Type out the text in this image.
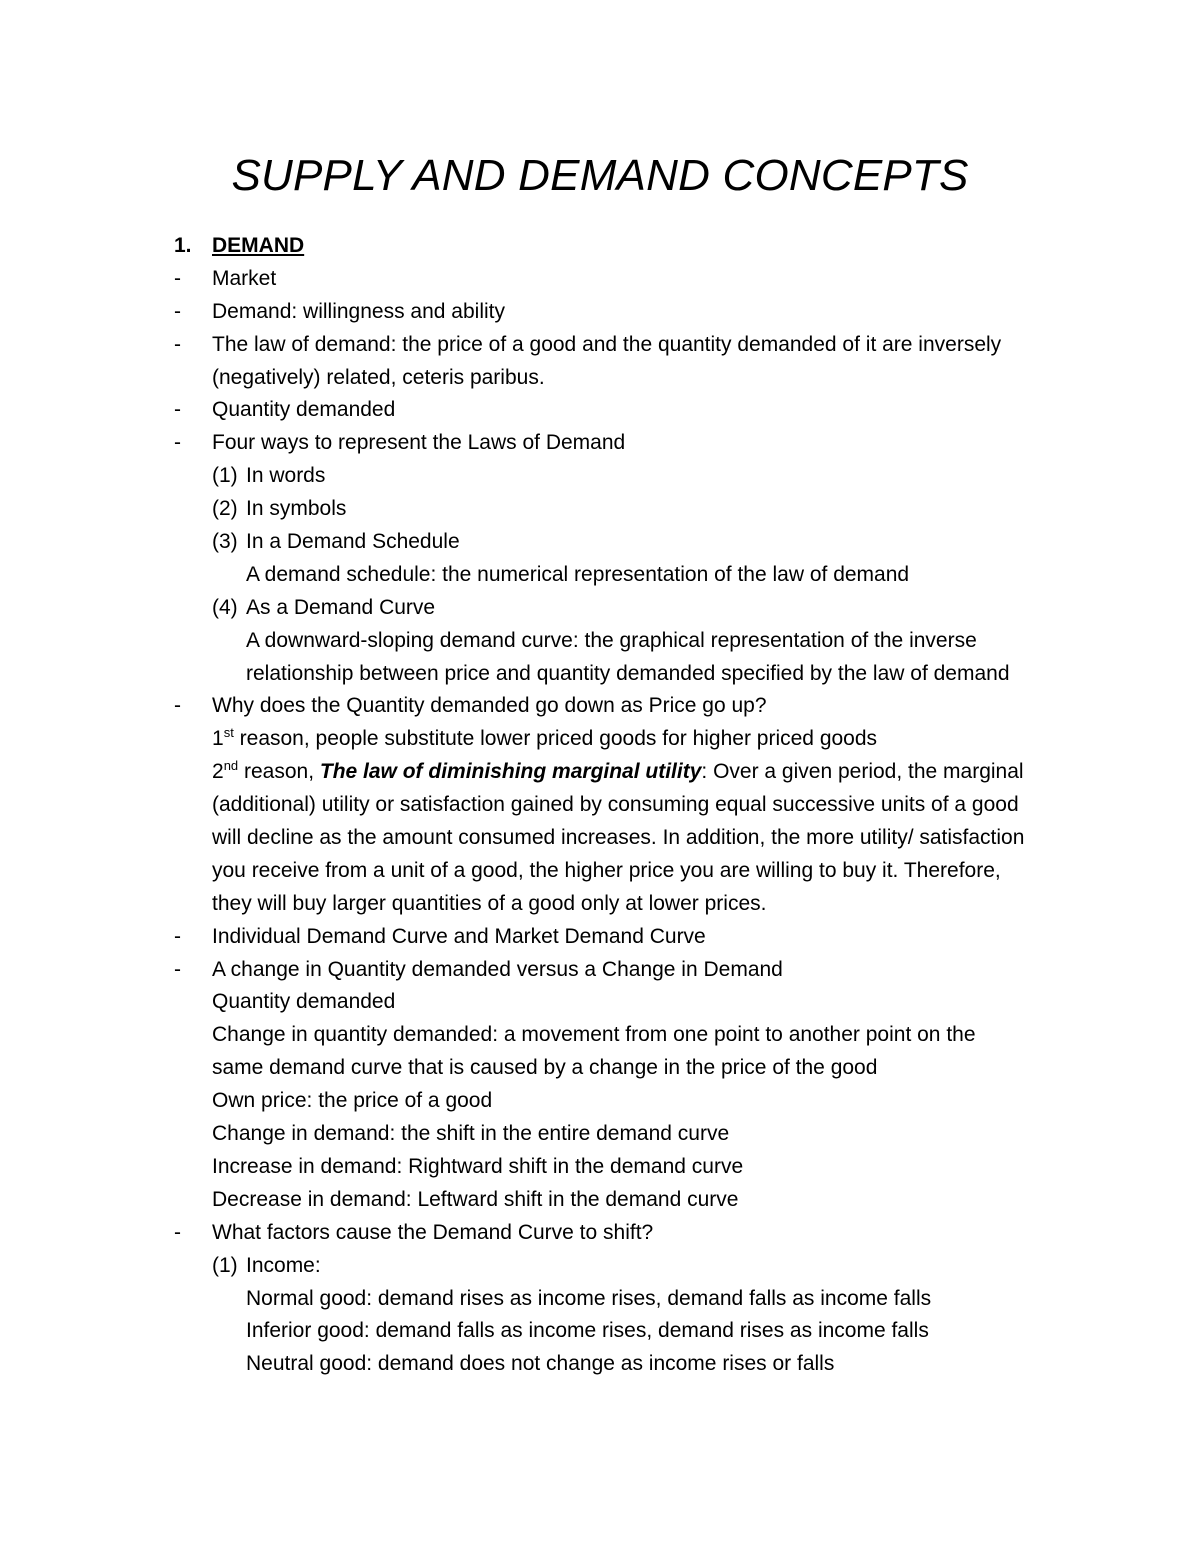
SUPPLY AND DEMAND CONCEPTS
1. DEMAND
- Market
- Demand: willingness and ability
- The law of demand: the price of a good and the quantity demanded of it are inversely
(negatively) related, ceteris paribus.
- Quantity demanded
- Four ways to represent the Laws of Demand
(1) In words
(2) In symbols
(3) In a Demand Schedule
A demand schedule: the numerical representation of the law of demand
(4) As a Demand Curve
A downward-sloping demand curve: the graphical representation of the inverse
relationship between price and quantity demanded specified by the law of demand
- Why does the Quantity demanded go down as Price go up?
1st reason, people substitute lower priced goods for higher priced goods
2nd reason, The law of diminishing marginal utility: Over a given period, the marginal
(additional) utility or satisfaction gained by consuming equal successive units of a good
will decline as the amount consumed increases. In addition, the more utility/ satisfaction
you receive from a unit of a good, the higher price you are willing to buy it. Therefore,
they will buy larger quantities of a good only at lower prices.
- Individual Demand Curve and Market Demand Curve
- A change in Quantity demanded versus a Change in Demand
Quantity demanded
Change in quantity demanded: a movement from one point to another point on the
same demand curve that is caused by a change in the price of the good
Own price: the price of a good
Change in demand: the shift in the entire demand curve
Increase in demand: Rightward shift in the demand curve
Decrease in demand: Leftward shift in the demand curve
- What factors cause the Demand Curve to shift?
(1) Income:
Normal good: demand rises as income rises, demand falls as income falls
Inferior good: demand falls as income rises, demand rises as income falls
Neutral good: demand does not change as income rises or falls
